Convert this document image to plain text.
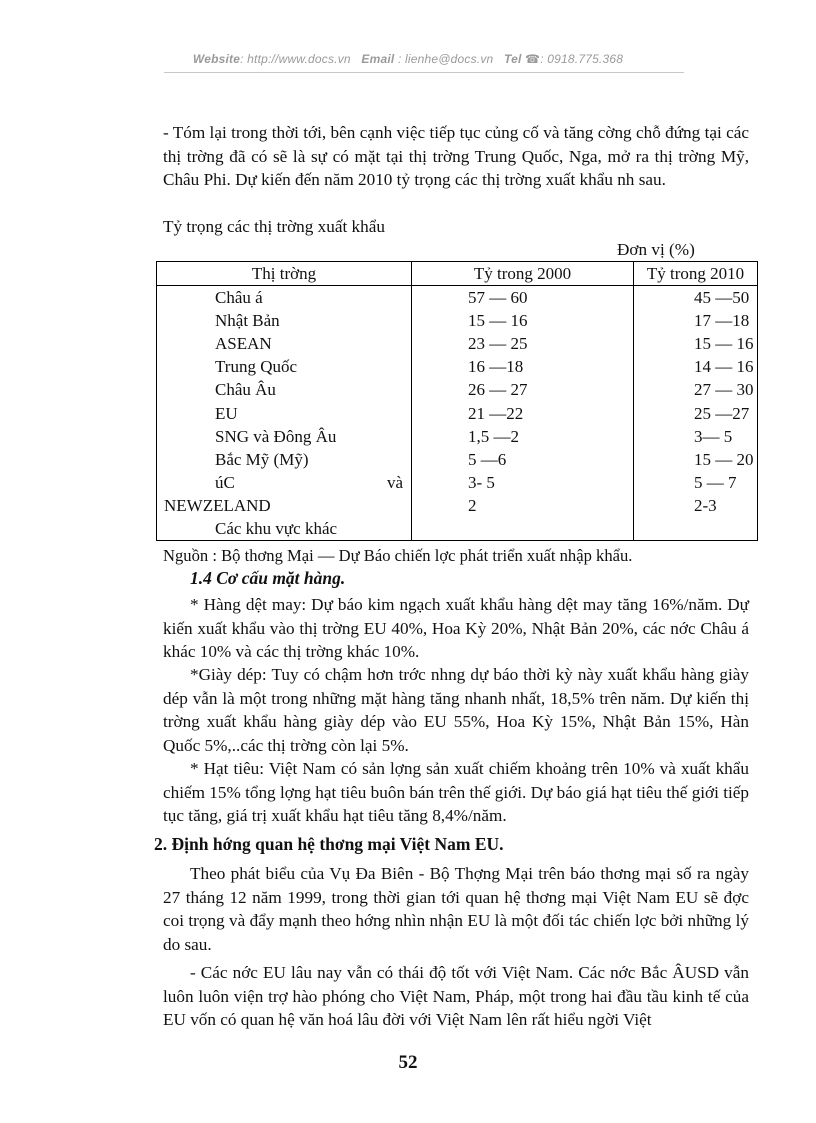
Website: http://www.docs.vn Email : lienhe@docs.vn Tel ☎: 0918.775.368

- Tóm lại trong thời tới, bên cạnh việc tiếp tục củng cố và tăng cờng chỗ đứng tại các thị trờng đã có sẽ là sự có mặt tại thị trờng Trung Quốc, Nga, mở ra thị trờng Mỹ, Châu Phi. Dự kiến đến năm 2010 tỷ trọng các thị trờng xuất khẩu nh sau.

Tỷ trọng các thị trờng xuất khẩu
Đơn vị (%)
Thị trờng	Tỷ trong 2000	Tỷ trong 2010
Châu á	57 — 60	45 —50
Nhật Bản	15 — 16	17 —18
ASEAN	23 — 25	15 — 16
Trung Quốc	16 —18	14 — 16
Châu Âu	26 — 27	27 — 30
EU	21 —22	25 —27
SNG và Đông Âu	1,5 —2	3— 5
Bắc Mỹ (Mỹ)	5 —6	15 — 20

úC và	3- 5	5 — 7
NEWZELAND	2	2-3
Các khu vực khác		
Nguồn : Bộ thơng Mại — Dự Báo chiến lợc phát triển xuất nhập khẩu.
1.4 Cơ cấu mặt hàng.

* Hàng dệt may: Dự báo kim ngạch xuất khẩu hàng dệt may tăng 16%/năm. Dự kiến xuất khẩu vào thị trờng EU 40%, Hoa Kỳ 20%, Nhật Bản 20%, các nớc Châu á khác 10% và các thị trờng khác 10%.

*Giày dép: Tuy có chậm hơn trớc nhng dự báo thời kỳ này xuất khẩu hàng giày dép vẫn là một trong những mặt hàng tăng nhanh nhất, 18,5% trên năm. Dự kiến thị trờng xuất khẩu hàng giày dép vào EU 55%, Hoa Kỳ 15%, Nhật Bản 15%, Hàn Quốc 5%,..các thị trờng còn lại 5%.

* Hạt tiêu: Việt Nam có sản lợng sản xuất chiếm khoảng trên 10% và xuất khẩu chiếm 15% tổng lợng hạt tiêu buôn bán trên thế giới. Dự báo giá hạt tiêu thế giới tiếp tục tăng, giá trị xuất khẩu hạt tiêu tăng 8,4%/năm.

2. Định hớng quan hệ thơng mại Việt Nam EU.

Theo phát biểu của Vụ Đa Biên - Bộ Thợng Mại trên báo thơng mại số ra ngày 27 tháng 12 năm 1999, trong thời gian tới quan hệ thơng mại Việt Nam EU sẽ đợc coi trọng và đẩy mạnh theo hớng nhìn nhận EU là một đối tác chiến lợc bởi những lý do sau.

- Các nớc EU lâu nay vẫn có thái độ tốt với Việt Nam. Các nớc Bắc ÂUSD vẫn luôn luôn viện trợ hào phóng cho Việt Nam, Pháp, một trong hai đầu tầu kinh tế của EU vốn có quan hệ văn hoá lâu đời với Việt Nam lên rất hiểu ngời Việt

52
